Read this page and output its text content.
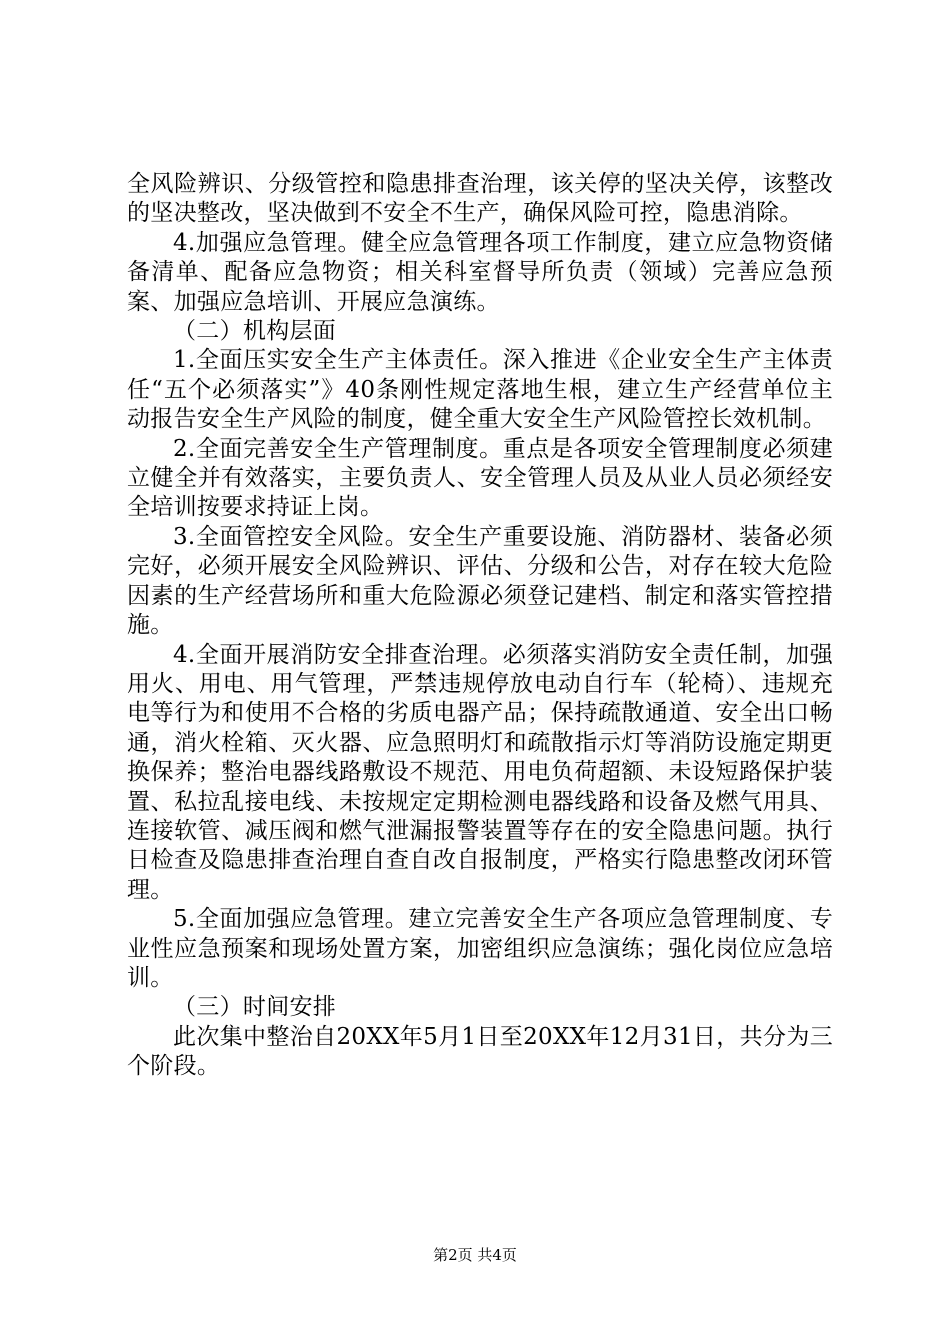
全风险辨识、分级管控和隐患排查治理，该关停的坚决关停，该整改的坚决整改，坚决做到不安全不生产，确保风险可控，隐患消除。

4.加强应急管理。健全应急管理各项工作制度，建立应急物资储备清单、配备应急物资；相关科室督导所负责（领域）完善应急预案、加强应急培训、开展应急演练。

（二）机构层面

1.全面压实安全生产主体责任。深入推进《企业安全生产主体责任“五个必须落实”》40条刚性规定落地生根，建立生产经营单位主动报告安全生产风险的制度，健全重大安全生产风险管控长效机制。

2.全面完善安全生产管理制度。重点是各项安全管理制度必须建立健全并有效落实，主要负责人、安全管理人员及从业人员必须经安全培训按要求持证上岗。

3.全面管控安全风险。安全生产重要设施、消防器材、装备必须完好，必须开展安全风险辨识、评估、分级和公告，对存在较大危险因素的生产经营场所和重大危险源必须登记建档、制定和落实管控措施。

4.全面开展消防安全排查治理。必须落实消防安全责任制，加强用火、用电、用气管理，严禁违规停放电动自行车（轮椅）、违规充电等行为和使用不合格的劣质电器产品；保持疏散通道、安全出口畅通，消火栓箱、灭火器、应急照明灯和疏散指示灯等消防设施定期更换保养；整治电器线路敷设不规范、用电负荷超额、未设短路保护装置、私拉乱接电线、未按规定定期检测电器线路和设备及燃气用具、连接软管、减压阀和燃气泄漏报警装置等存在的安全隐患问题。执行日检查及隐患排查治理自查自改自报制度，严格实行隐患整改闭环管理。

5.全面加强应急管理。建立完善安全生产各项应急管理制度、专业性应急预案和现场处置方案，加密组织应急演练；强化岗位应急培训。

（三）时间安排

此次集中整治自20XX年5月1日至20XX年12月31日，共分为三个阶段。

第2页 共4页
